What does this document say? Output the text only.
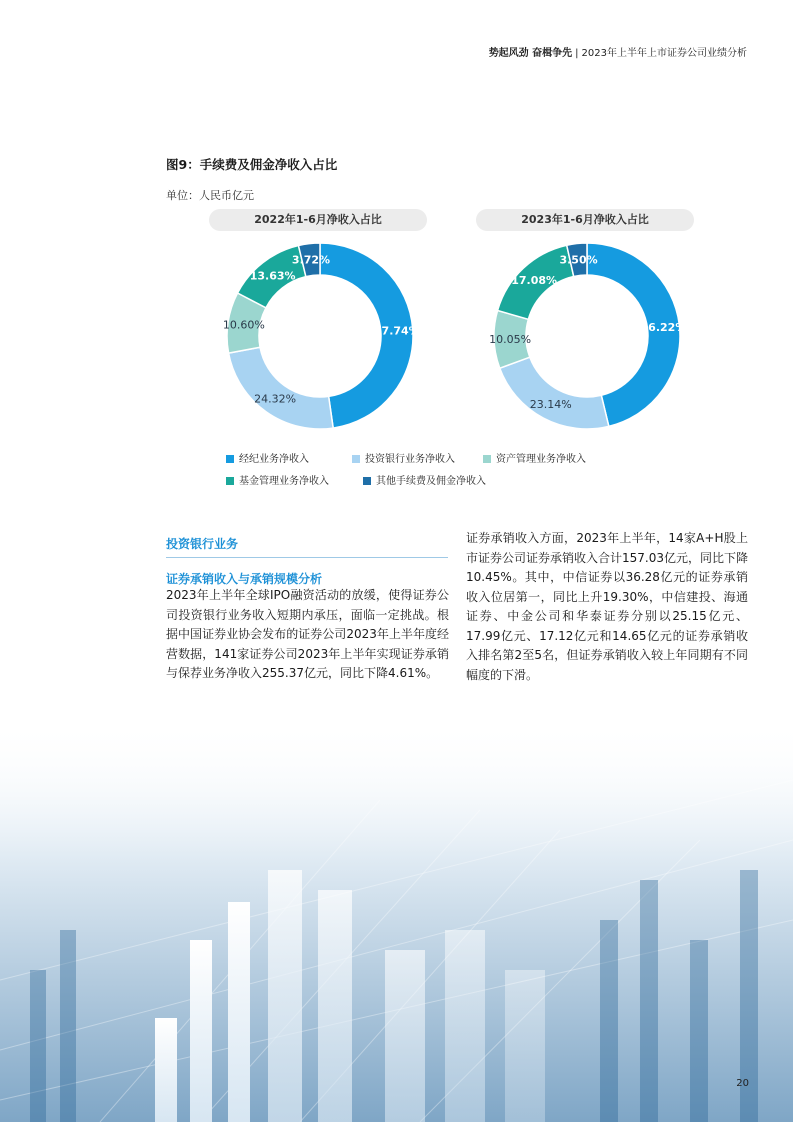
势起风劲 奋楫争先 | 2023年上半年上市证券公司业绩分析
图9：手续费及佣金净收入占比
单位：人民币亿元
2022年1-6月净收入占比	2023年1-6月净收入占比
47.74%
24.32%
10.60%
13.63%
3.72%
46.22%
23.14%
10.05%
17.08%
3.50%
经纪业务净收入	投资银行业务净收入	资产管理业务净收入
基金管理业务净收入	其他手续费及佣金净收入
投资银行业务
证券承销收入与承销规模分析
2023年上半年全球IPO融资活动的放缓，使得证券公司投资银行业务收入短期内承压，面临一定挑战。根据中国证券业协会发布的证券公司2023年上半年度经营数据，141家证券公司2023年上半年实现证券承销与保荐业务净收入255.37亿元，同比下降4.61%。
证券承销收入方面，2023年上半年，14家A+H股上市证券公司证券承销收入合计157.03亿元，同比下降10.45%。其中，中信证券以36.28亿元的证券承销收入位居第一，同比上升19.30%，中信建投、海通证券、中金公司和华泰证券分别以25.15亿元、17.99亿元、17.12亿元和14.65亿元的证券承销收入排名第2至5名，但证券承销收入较上年同期有不同幅度的下滑。
20
